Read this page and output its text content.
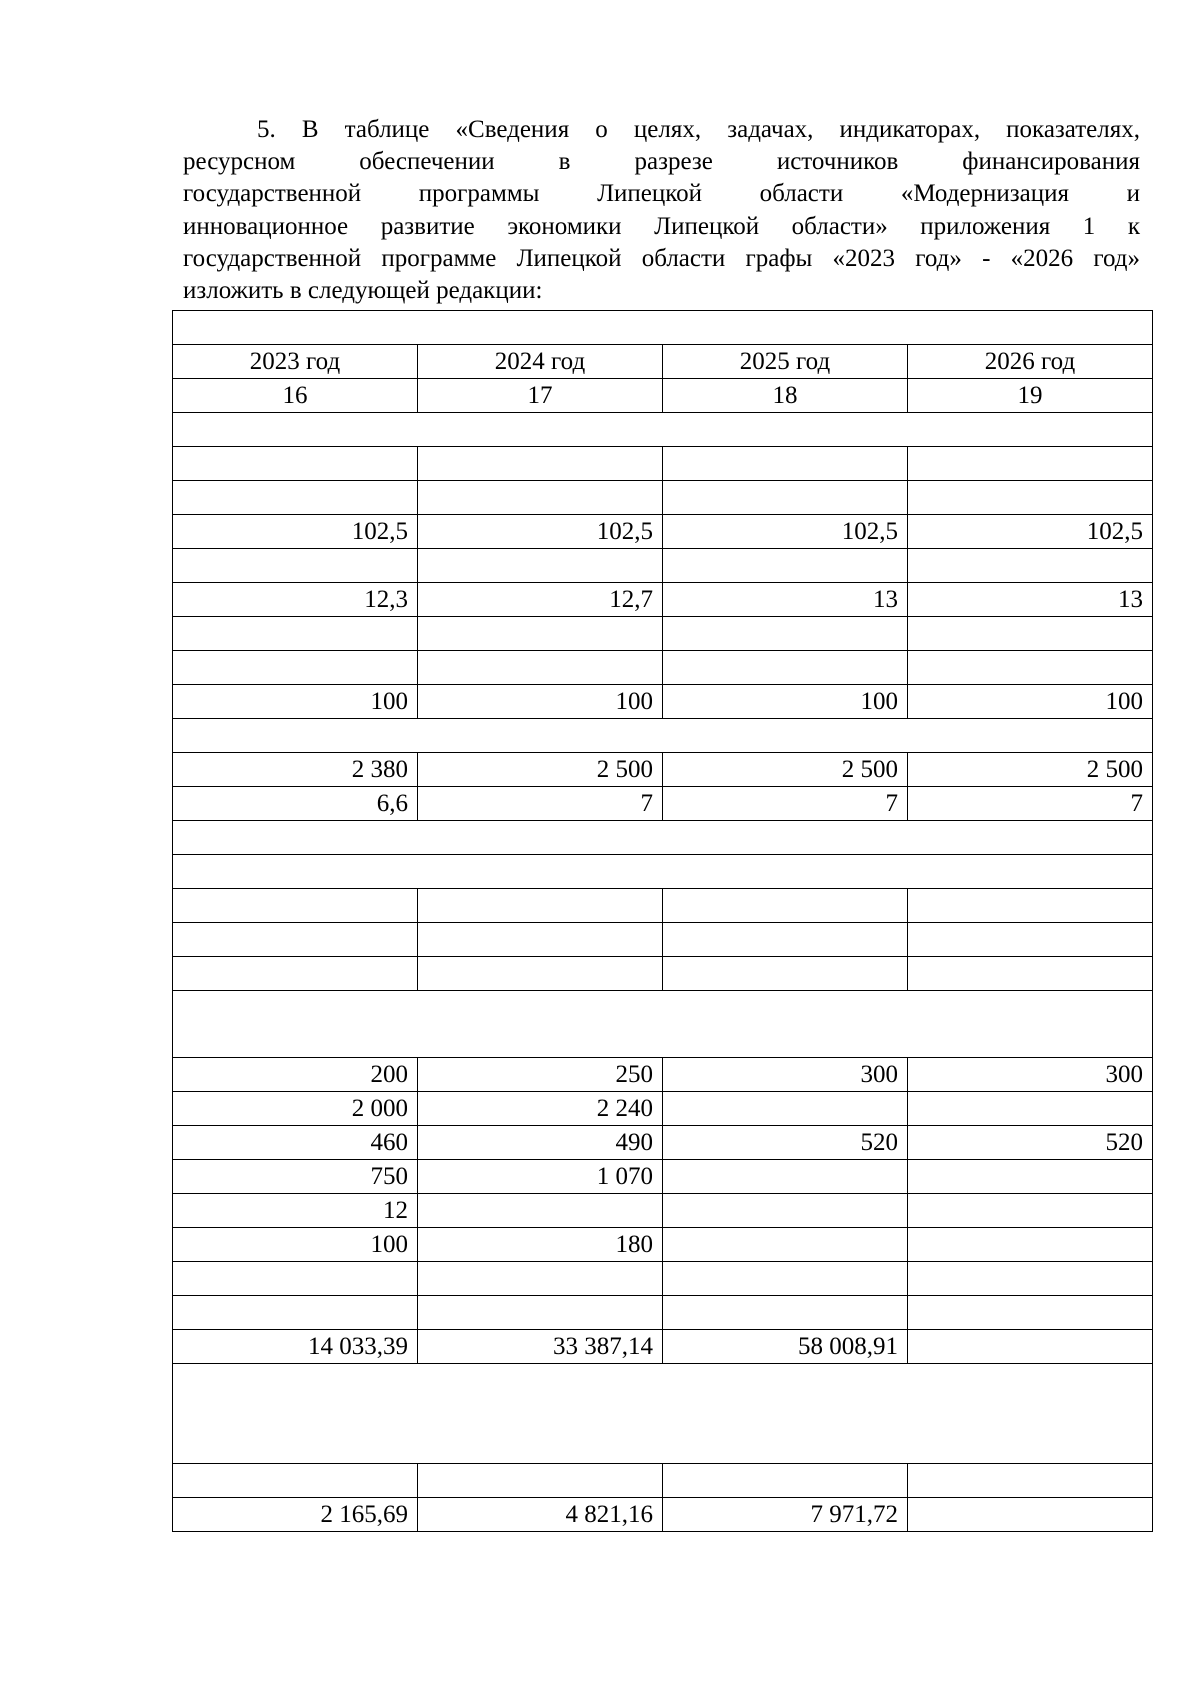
5. В таблице «Сведения о целях, задачах, индикаторах, показателях,
ресурсном обеспечении в разрезе источников финансирования
государственной программы Липецкой области «Модернизация и
инновационное развитие экономики Липецкой области» приложения 1 к
государственной программе Липецкой области графы «2023 год» - «2026 год»
изложить в следующей редакции:

2023 год	2024 год	2025 год	2026 год
16	17	18	19

102,5	102,5	102,5	102,5

12,3	12,7	13	13

100	100	100	100

2 380	2 500	2 500	2 500
6,6	7	7	7

200	250	300	300
2 000	2 240		
460	490	520	520
750	1 070		
12			
100	180		

14 033,39	33 387,14	58 008,91	

2 165,69	4 821,16	7 971,72	
